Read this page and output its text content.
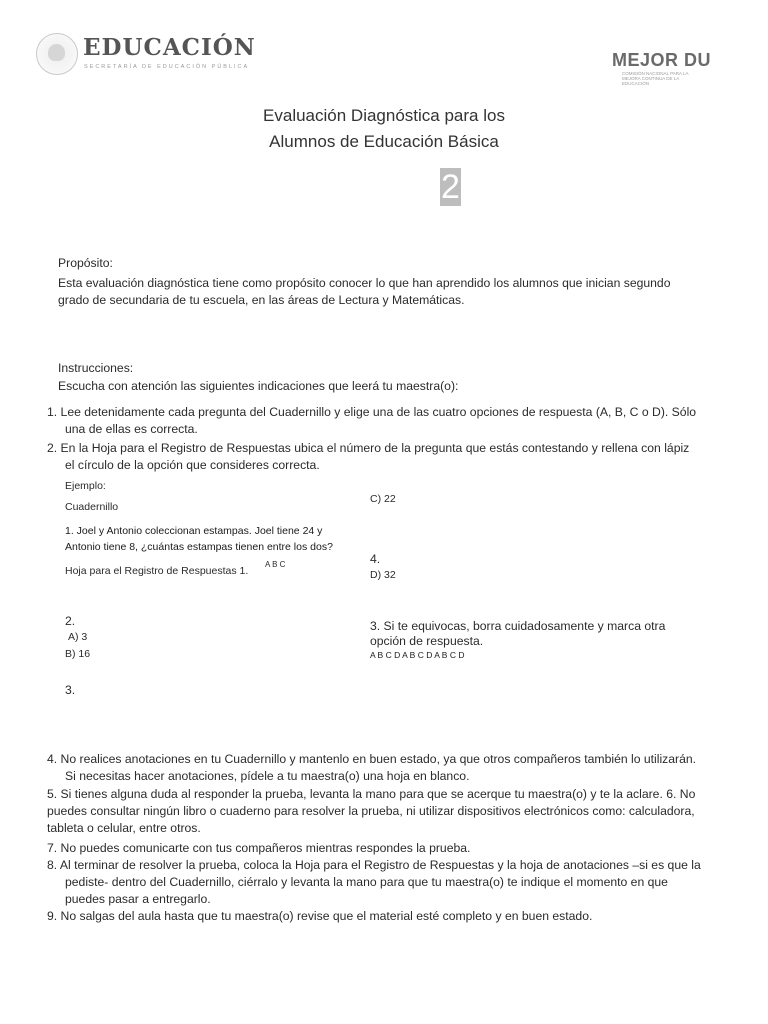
EDUCACIÓN
SECRETARÍA DE EDUCACIÓN PÚBLICA	MEJOR DU
COMISIÓN NACIONAL PARA LA MEJORA CONTINUA DE LA EDUCACIÓN
Evaluación Diagnóstica para los
Alumnos de Educación Básica
2
Propósito:
Esta evaluación diagnóstica tiene como propósito conocer lo que han aprendido los alumnos que inician segundo
grado de secundaria de tu escuela, en las áreas de Lectura y Matemáticas.
Instrucciones:
Escucha con atención las siguientes indicaciones que leerá tu maestra(o):
1. Lee detenidamente cada pregunta del Cuadernillo y elige una de las cuatro opciones de respuesta (A, B, C o D). Sólo
una de ellas es correcta.
2. En la Hoja para el Registro de Respuestas ubica el número de la pregunta que estás contestando y rellena con lápiz
el círculo de la opción que consideres correcta.
Ejemplo:
Cuadernillo
C) 22
1. Joel y Antonio coleccionan estampas. Joel tiene 24 y
Antonio tiene 8, ¿cuántas estampas tienen entre los dos?
4.
Hoja para el Registro de Respuestas 1.
A B C
D) 32
2.
A) 3
B) 16
3.
3. Si te equivocas, borra cuidadosamente y marca otra
opción de respuesta.
A B C D A B C D A B C D
4. No realices anotaciones en tu Cuadernillo y mantenlo en buen estado, ya que otros compañeros también lo utilizarán.
Si necesitas hacer anotaciones, pídele a tu maestra(o) una hoja en blanco.
5. Si tienes alguna duda al responder la prueba, levanta la mano para que se acerque tu maestra(o) y te la aclare. 6. No
puedes consultar ningún libro o cuaderno para resolver la prueba, ni utilizar dispositivos electrónicos como: calculadora,
tableta o celular, entre otros.
7. No puedes comunicarte con tus compañeros mientras respondes la prueba.
8. Al terminar de resolver la prueba, coloca la Hoja para el Registro de Respuestas y la hoja de anotaciones –si es que la
pediste- dentro del Cuadernillo, ciérralo y levanta la mano para que tu maestra(o) te indique el momento en que
puedes pasar a entregarlo.
9. No salgas del aula hasta que tu maestra(o) revise que el material esté completo y en buen estado.
